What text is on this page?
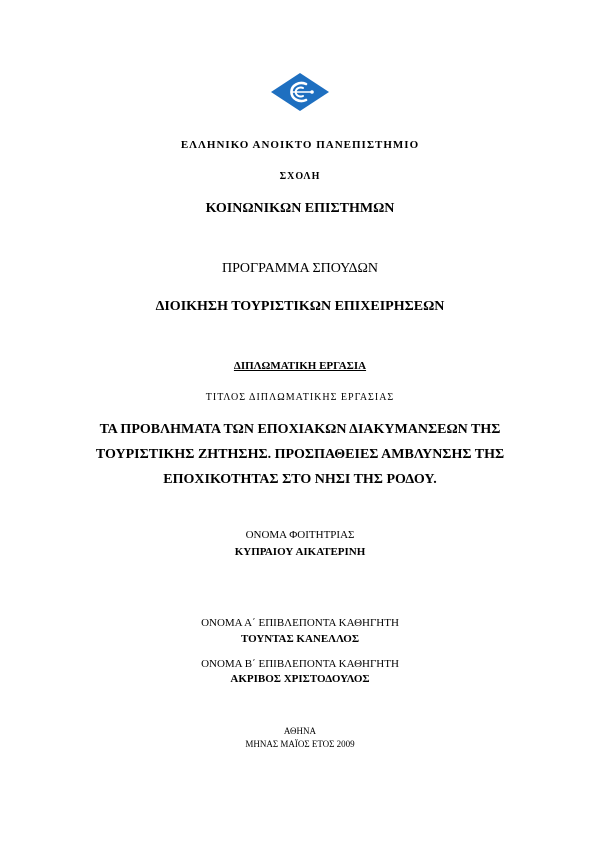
ΕΛΛΗΝΙΚΟ ΑΝΟΙΚΤΟ ΠΑΝΕΠΙΣΤΗΜΙΟ
ΣΧΟΛΗ
ΚΟΙΝΩΝΙΚΩΝ ΕΠΙΣΤΗΜΩΝ
ΠΡΟΓΡΑΜΜΑ ΣΠΟΥΔΩΝ
ΔΙΟΙΚΗΣΗ ΤΟΥΡΙΣΤΙΚΩΝ ΕΠΙΧΕΙΡΗΣΕΩΝ
ΔΙΠΛΩΜΑΤΙΚΗ ΕΡΓΑΣΙΑ
ΤΙΤΛΟΣ ΔΙΠΛΩΜΑΤΙΚΗΣ ΕΡΓΑΣΙΑΣ
ΤΑ ΠΡΟΒΛΗΜΑΤΑ ΤΩΝ ΕΠΟΧΙΑΚΩΝ ΔΙΑΚΥΜΑΝΣΕΩΝ ΤΗΣ
ΤΟΥΡΙΣΤΙΚΗΣ ΖΗΤΗΣΗΣ. ΠΡΟΣΠΑΘΕΙΕΣ ΑΜΒΛΥΝΣΗΣ ΤΗΣ
ΕΠΟΧΙΚΟΤΗΤΑΣ ΣΤΟ ΝΗΣΙ ΤΗΣ ΡΟΔΟΥ.
ΟΝΟΜΑ ΦΟΙΤΗΤΡΙΑΣ
ΚΥΠΡΑΙΟΥ ΑΙΚΑΤΕΡΙΝΗ
ΟΝΟΜΑ Α΄ ΕΠΙΒΛΕΠΟΝΤΑ ΚΑΘΗΓΗΤΗ
ΤΟΥΝΤΑΣ ΚΑΝΕΛΛΟΣ
ΟΝΟΜΑ Β΄ ΕΠΙΒΛΕΠΟΝΤΑ ΚΑΘΗΓΗΤΗ
ΑΚΡΙΒΟΣ ΧΡΙΣΤΟΔΟΥΛΟΣ
ΑΘΗΝΑ
ΜΗΝΑΣ ΜΑΪΟΣ ΕΤΟΣ 2009
